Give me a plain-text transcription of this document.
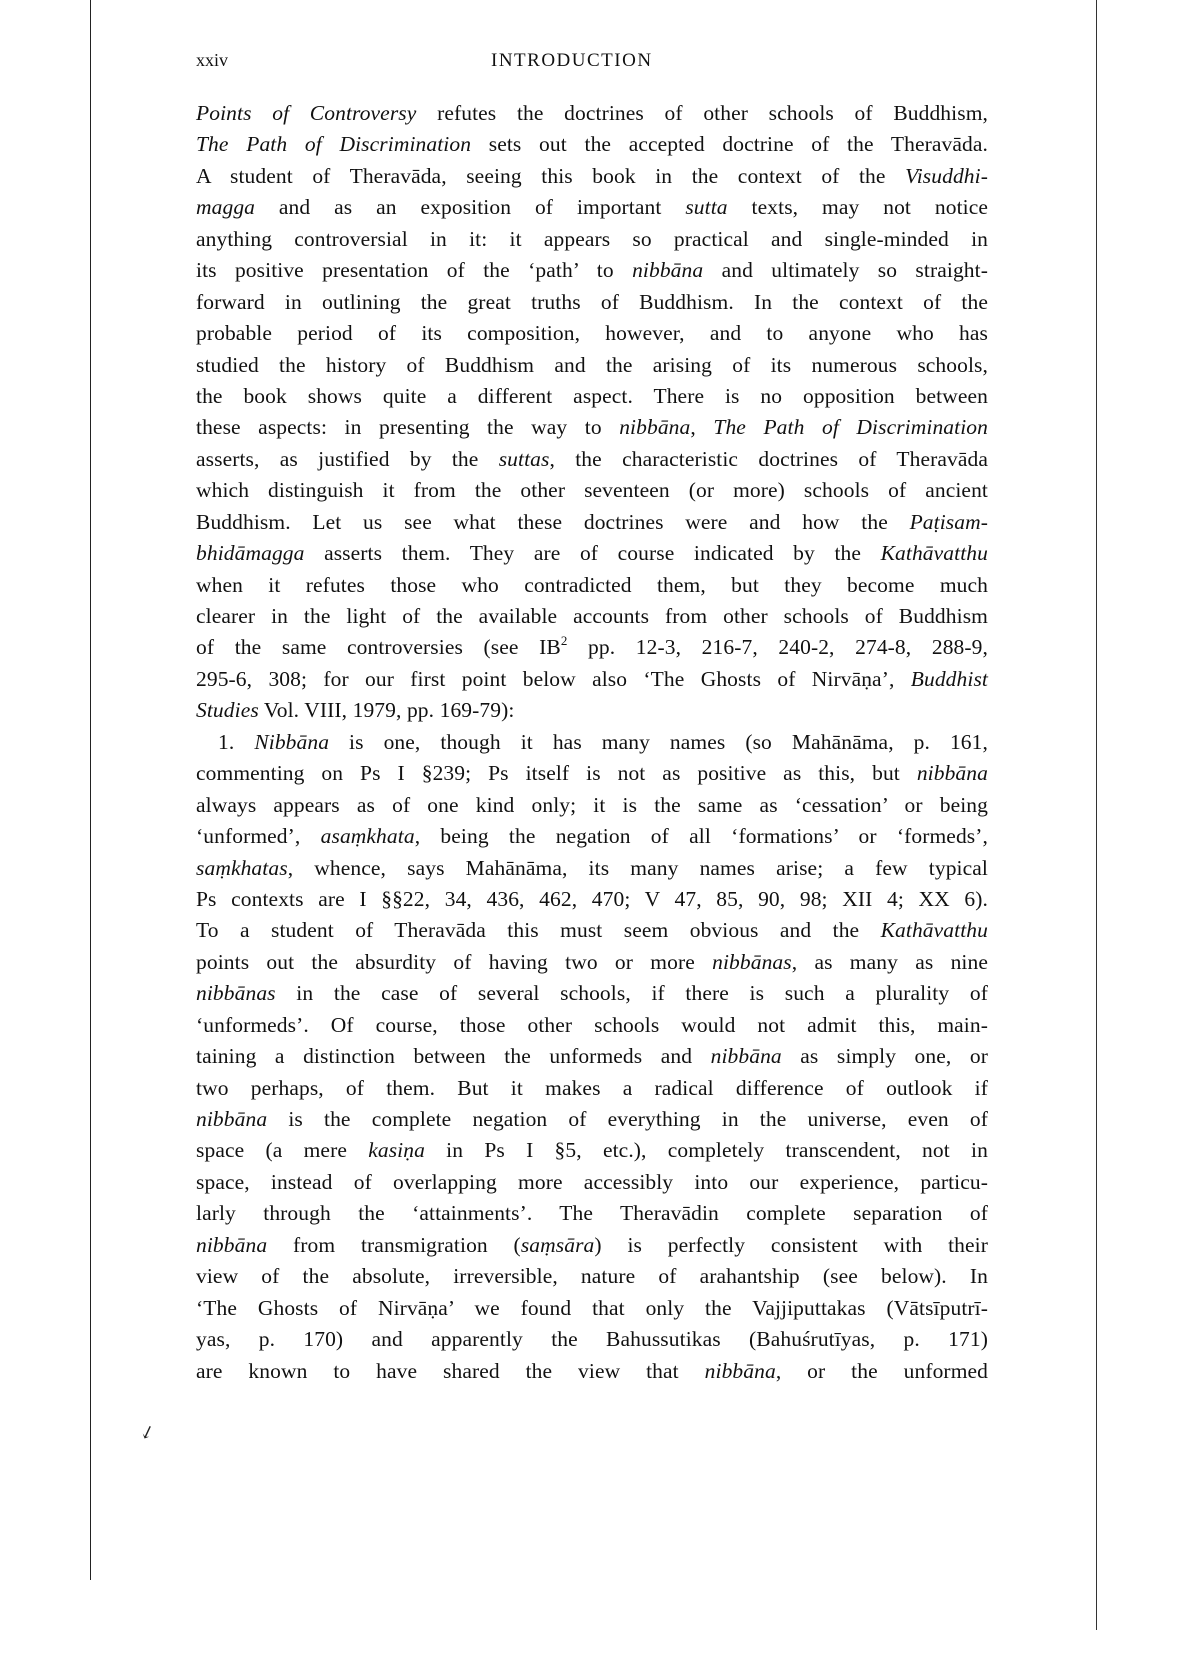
xxiv	INTRODUCTION
Points of Controversy refutes the doctrines of other schools of Buddhism,
The Path of Discrimination sets out the accepted doctrine of the Theravāda.
A student of Theravāda, seeing this book in the context of the Visuddhi-
magga and as an exposition of important sutta texts, may not notice
anything controversial in it: it appears so practical and single-minded in
its positive presentation of the ‘path’ to nibbāna and ultimately so straight-
forward in outlining the great truths of Buddhism. In the context of the
probable period of its composition, however, and to anyone who has
studied the history of Buddhism and the arising of its numerous schools,
the book shows quite a different aspect. There is no opposition between
these aspects: in presenting the way to nibbāna, The Path of Discrimination
asserts, as justified by the suttas, the characteristic doctrines of Theravāda
which distinguish it from the other seventeen (or more) schools of ancient
Buddhism. Let us see what these doctrines were and how the Paṭisam-
bhidāmagga asserts them. They are of course indicated by the Kathāvatthu
when it refutes those who contradicted them, but they become much
clearer in the light of the available accounts from other schools of Buddhism
of the same controversies (see $IB^2$ pp. 12-3, 216-7, 240-2, 274-8, 288-9,
295-6, 308; for our first point below also ‘The Ghosts of Nirvāṇa’, Buddhist
Studies Vol. VIII, 1979, pp. 169-79):
1. Nibbāna is one, though it has many names (so Mahānāma, p. 161,
commenting on Ps I §239; Ps itself is not as positive as this, but nibbāna
always appears as of one kind only; it is the same as ‘cessation’ or being
‘unformed’, asaṃkhata, being the negation of all ‘formations’ or ‘formeds’,
saṃkhatas, whence, says Mahānāma, its many names arise; a few typical
Ps contexts are I §§22, 34, 436, 462, 470; V 47, 85, 90, 98; XII 4; XX 6).
To a student of Theravāda this must seem obvious and the Kathāvatthu
points out the absurdity of having two or more nibbānas, as many as nine
nibbānas in the case of several schools, if there is such a plurality of
‘unformeds’. Of course, those other schools would not admit this, main-
taining a distinction between the unformeds and nibbāna as simply one, or
two perhaps, of them. But it makes a radical difference of outlook if
nibbāna is the complete negation of everything in the universe, even of
space (a mere kasiṇa in Ps I §5, etc.), completely transcendent, not in
space, instead of overlapping more accessibly into our experience, particu-
larly through the ‘attainments’. The Theravādin complete separation of
nibbāna from transmigration (saṃsāra) is perfectly consistent with their
view of the absolute, irreversible, nature of arahantship (see below). In
‘The Ghosts of Nirvāṇa’ we found that only the Vajjiputtakas (Vātsīputrī-
yas, p. 170) and apparently the Bahussutikas (Bahuśrutīyas, p. 171)
are known to have shared the view that nibbāna, or the unformed
↙
